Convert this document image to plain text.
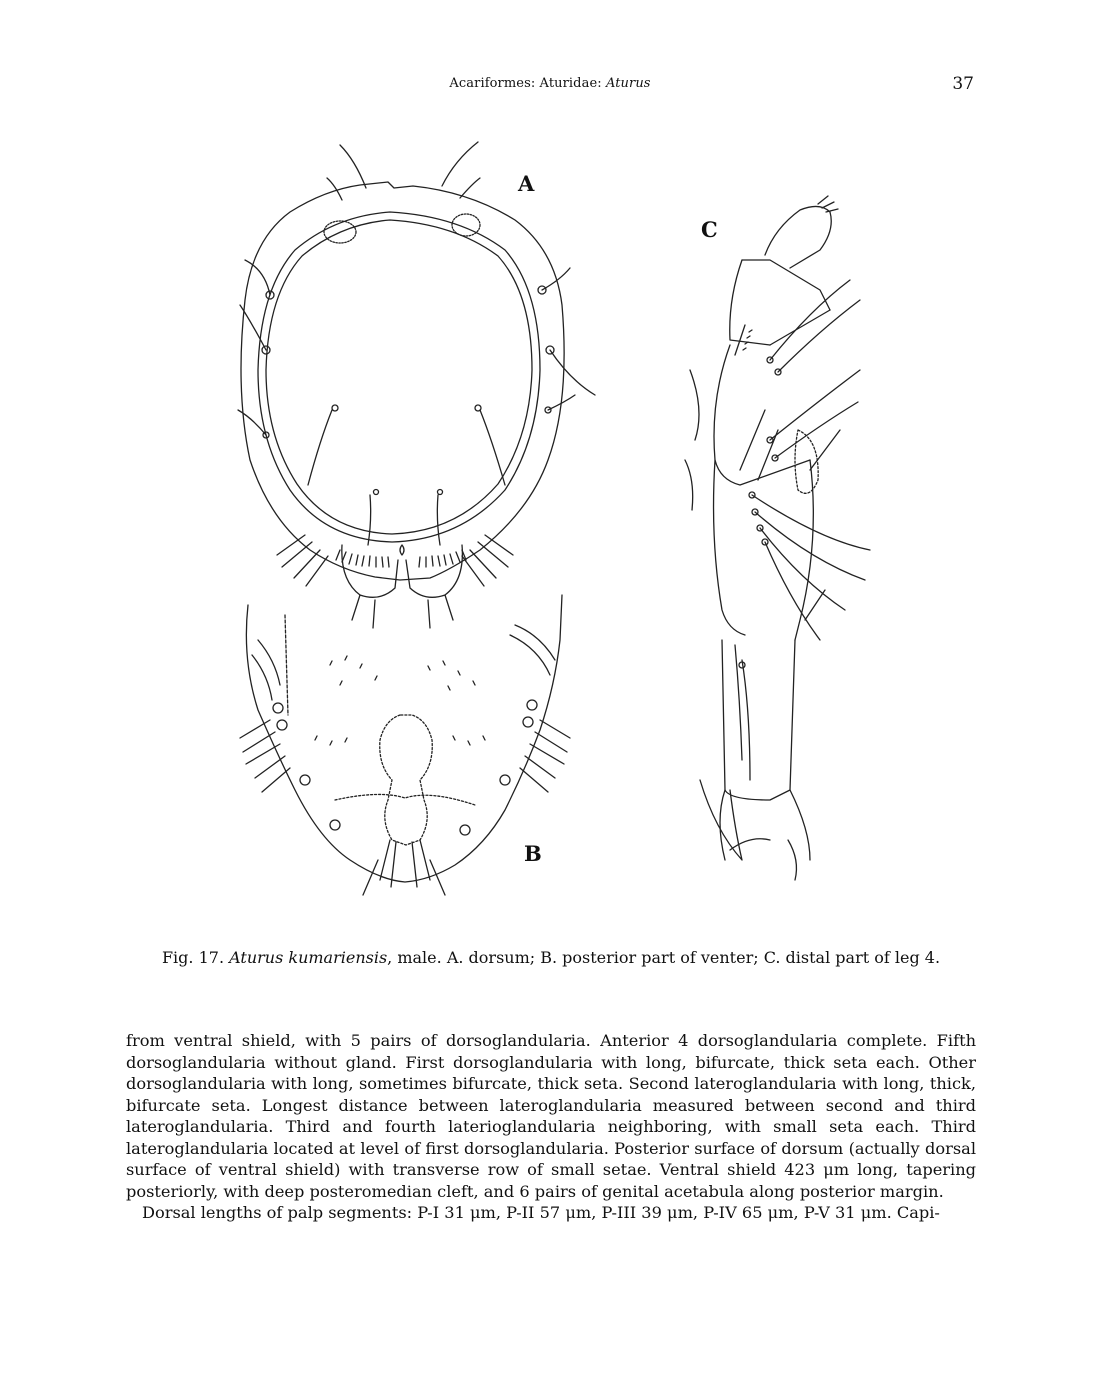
Acariformes: Aturidae: Aturus	37
A
B
C
Fig. 17. Aturus kumariensis, male. A. dorsum; B. posterior part of venter; C. distal part of leg 4.

from ventral shield, with 5 pairs of dorsoglandularia. Anterior 4 dorsoglandularia complete. Fifth dorsoglandularia without gland. First dorsoglandularia with long, bifurcate, thick seta each. Other dorsoglandularia with long, sometimes bifurcate, thick seta. Second lateroglandularia with long, thick, bifurcate seta. Longest distance between lateroglandularia measured between second and third lateroglandularia. Third and fourth laterioglandularia neighboring, with small seta each. Third lateroglandularia located at level of first dorsoglandularia. Posterior surface of dorsum (actually dorsal surface of ventral shield) with transverse row of small setae. Ventral shield 423 μm long, tapering posteriorly, with deep posteromedian cleft, and 6 pairs of genital acetabula along posterior margin.

Dorsal lengths of palp segments: P-I 31 μm, P-II 57 μm, P-III 39 μm, P-IV 65 μm, P-V 31 μm. Capi-
